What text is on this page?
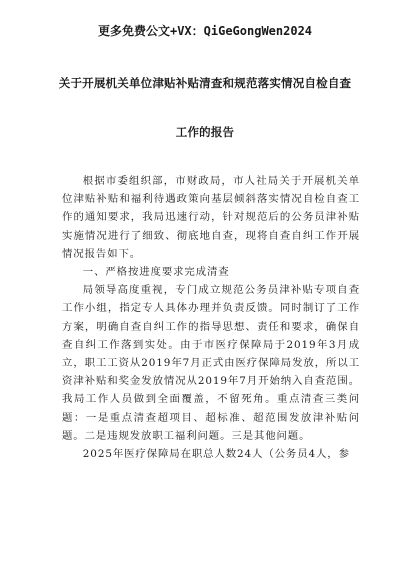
更多免费公文+VX：QiGeGongWen2024
关于开展机关单位津贴补贴清查和规范落实情况自检自查
工作的报告

根据市委组织部，市财政局，市人社局关于开展机关单位津贴补贴和福利待遇政策向基层倾斜落实情况自检自查工作的通知要求，我局迅速行动，针对规范后的公务员津补贴实施情况进行了细致、彻底地自查，现将自查自纠工作开展情况报告如下。

一、严格按进度要求完成清查

局领导高度重视，专门成立规范公务员津补贴专项自查工作小组，指定专人具体办理并负责反馈。同时制订了工作方案，明确自查自纠工作的指导思想、责任和要求，确保自查自纠工作落到实处。由于市医疗保障局于2019年3月成立，职工工资从2019年7月正式由医疗保障局发放，所以工资津补贴和奖金发放情况从2019年7月开始纳入自查范围。我局工作人员做到全面覆盖，不留死角。重点清查三类问题：一是重点清查超项目、超标准、超范围发放津补贴问题。二是违规发放职工福利问题。三是其他问题。

2025年医疗保障局在职总人数24人（公务员4人，参
